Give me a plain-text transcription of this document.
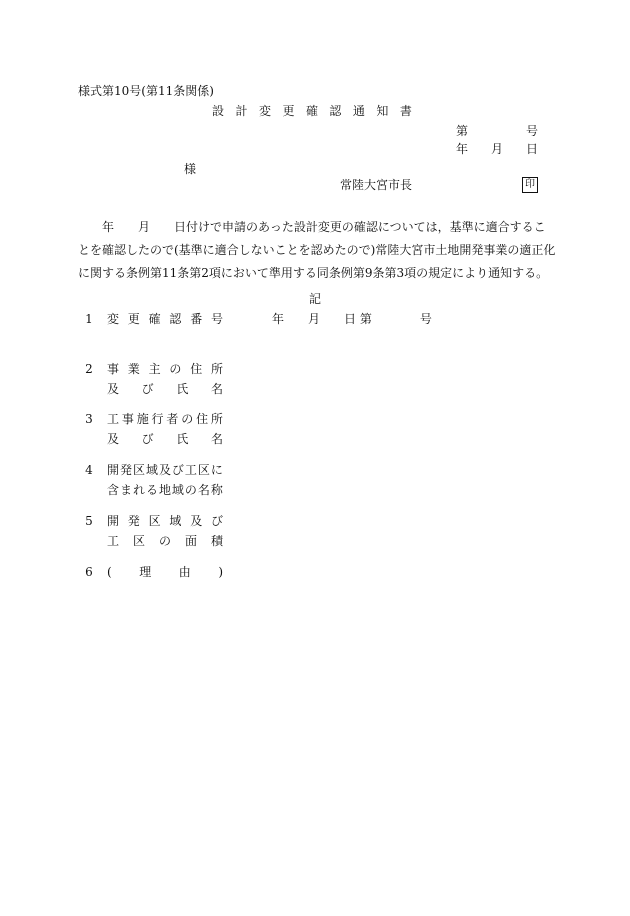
様式第10号(第11条関係)
設 計 変 更 確 認 通 知 書
第	号
年 月 日
様
常陸大宮市長	印
　　年　　月　　日付けで申請のあった設計変更の確認については，基準に適合するこ
とを確認したので(基準に適合しないことを認めたので)常陸大宮市土地開発事業の適正化
に関する条例第11条第2項において準用する同条例第9条第3項の規定により通知する。
記
1 変 更 確 認 番 号	年　　月　　日 第　　　　号
2 事 業 主 の 住 所
及 び 氏 名
3 工 事 施 行 者 の 住 所
及 び 氏 名
4 開 発 区 域 及 び 工 区 に
含 ま れ る 地 域 の 名 称
5 開 発 区 域 及 び
工 区 の 面 積
6 ( 理 由 )
